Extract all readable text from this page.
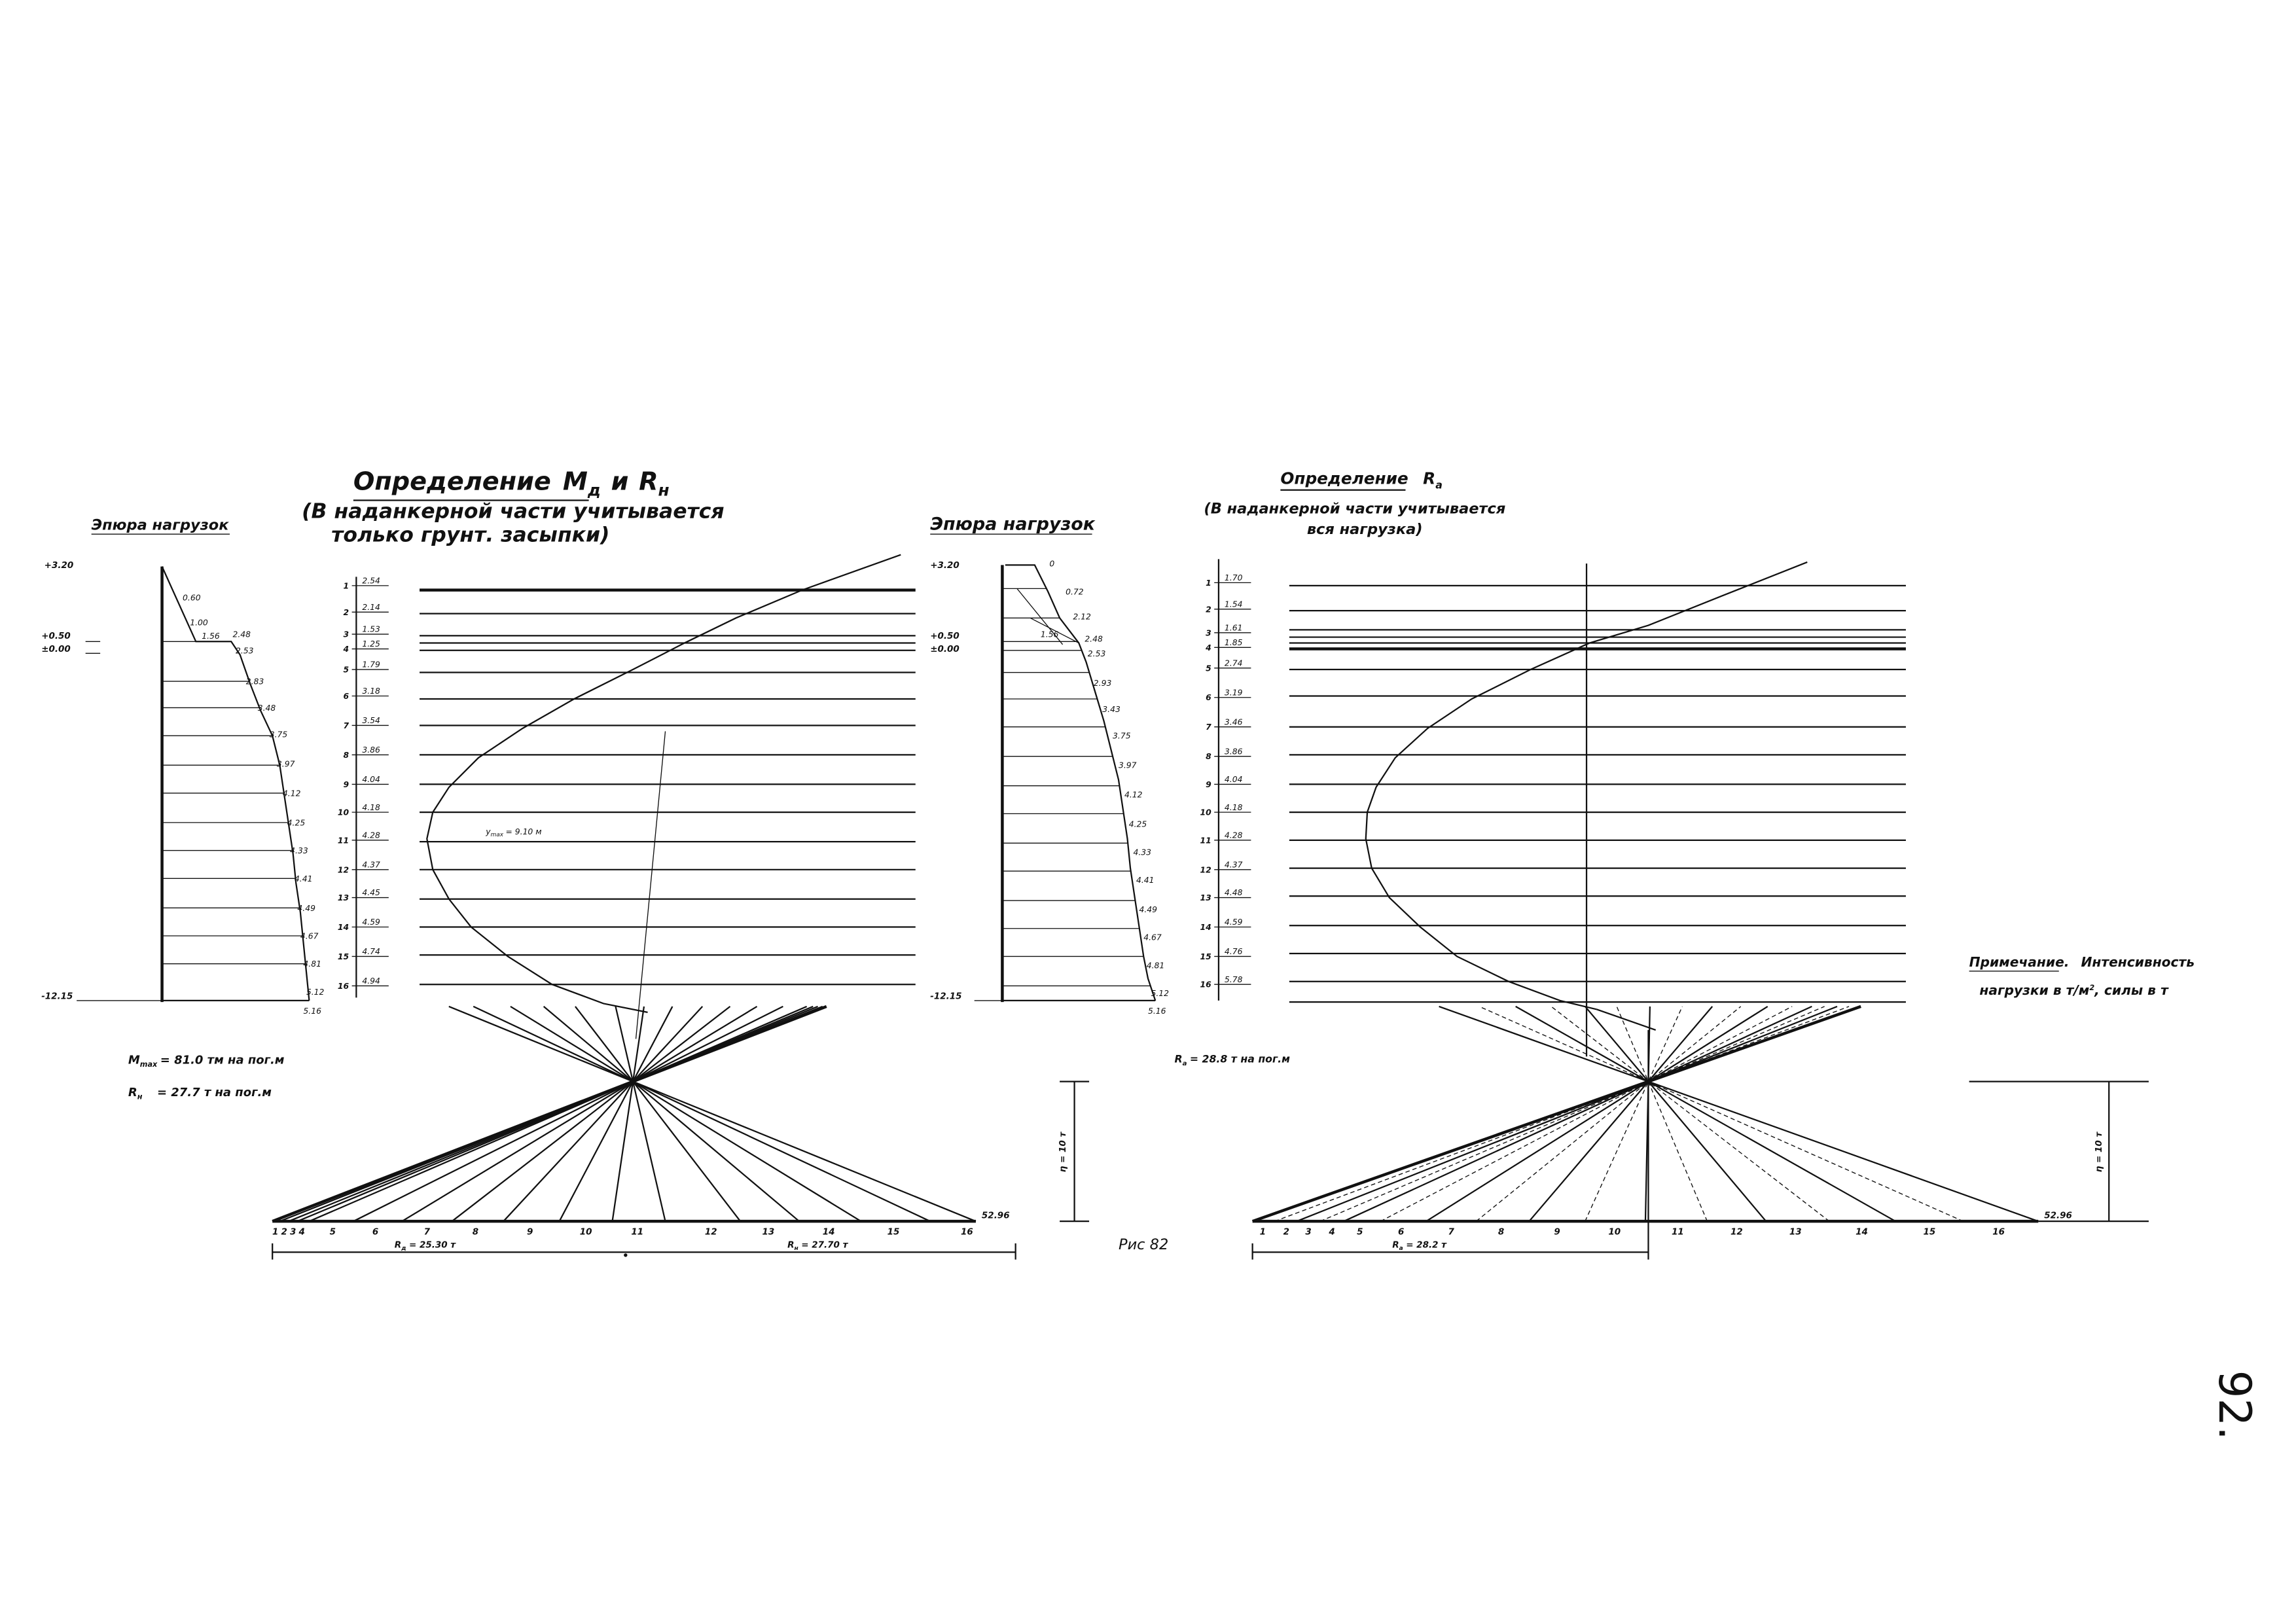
Определение $M_д$ и $R_н$
(В наданкерной части учитывается
только грунт. засыпки)
Эпюра нагрузок
+3.20
+0.50
±0.00
-12.15
0.60
1.00
1.56	2.48
2.53
2.83
3.48
3.75
3.97
4.12
4.25
4.33
4.41
4.49
4.67
4.81
5.12
5.16
1
2.54
2
2.14
3
1.53
4
1.25
5
1.79
6
3.18
7
3.54
8
3.86
9
4.04
10
4.18
11
4.28
12
4.37
13
4.45
14
4.59
15
4.74
16
4.94
1 2 3 4	5	6	7	8	9	10	11	12	13	14	15	16
52.96
$y_{max} = 9.10$ м
$M_{max} = 81.0$ тм на пог.м
$R_н$	= 27.7 т на пог.м
$R_д = 25.30$ т	$R_н = 27.70$ т
η = 10 т
Рис 82
Эпюра нагрузок
+3.20
+0.50
±0.00
-12.15
0
0.72
2.12
1.56	2.48
2.53
2.93
3.43
3.75
3.97
4.12
4.25
4.33
4.41
4.49
4.67
4.81
5.12
5.16
Определение $R_а$
(В наданкерной части учитывается
вся нагрузка)
1
1.70
2
1.54
3
1.61
4
1.85
5
2.74
6
3.19
7
3.46
8
3.86
9
4.04
10
4.18
11
4.28
12
4.37
13
4.48
14
4.59
15
4.76
16
5.78
1	2	3	4	5	6	7	8	9	10	11	12	13	14	15	16
52.96
$R_а = 28.8$ т на пог.м
$R_а = 28.2$ т
η = 10 т
Примечание. Интенсивность
нагрузки в $т/м^2$, силы в т
92.
